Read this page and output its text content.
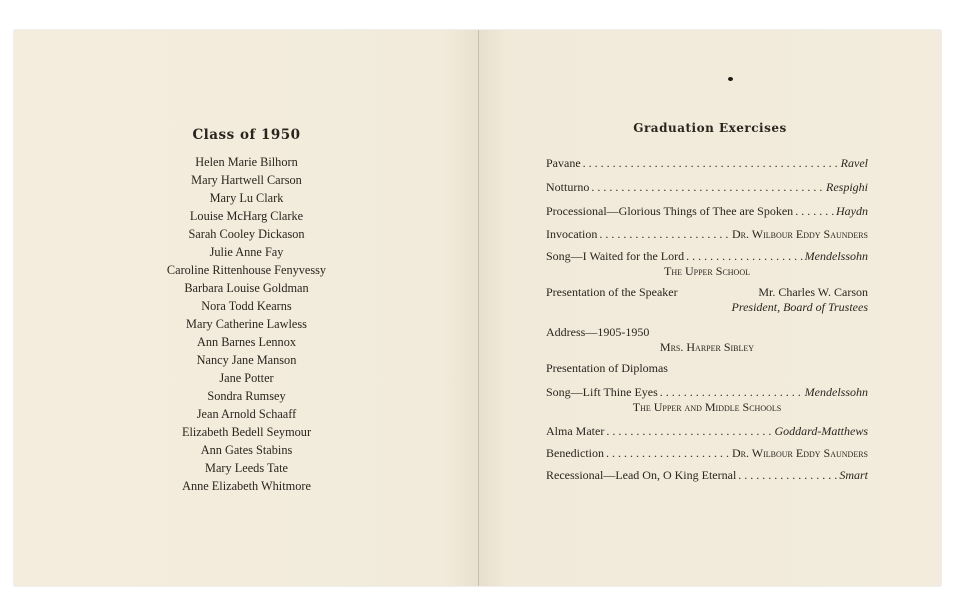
Class of 1950
Helen Marie Bilhorn
Mary Hartwell Carson
Mary Lu Clark
Louise McHarg Clarke
Sarah Cooley Dickason
Julie Anne Fay
Caroline Rittenhouse Fenyvessy
Barbara Louise Goldman
Nora Todd Kearns
Mary Catherine Lawless
Ann Barnes Lennox
Nancy Jane Manson
Jane Potter
Sondra Rumsey
Jean Arnold Schaaff
Elizabeth Bedell Seymour
Ann Gates Stabins
Mary Leeds Tate
Anne Elizabeth Whitmore
Graduation Exercises
Pavane . . .	Ravel
Notturno . . .	Respighi
Processional—Glorious Things of Thee are Spoken . . .	Haydn
Invocation . . .	Dr. Wilbour Eddy Saunders
Song—I Waited for the Lord . . .	Mendelssohn
The Upper School
Presentation of the Speaker	Mr. Charles W. Carson
President, Board of Trustees
Address—1905-1950
Mrs. Harper Sibley
Presentation of Diplomas
Song—Lift Thine Eyes . . .	Mendelssohn
The Upper and Middle Schools
Alma Mater . . .	Goddard-Matthews
Benediction . . .	Dr. Wilbour Eddy Saunders
Recessional—Lead On, O King Eternal . . .	Smart
